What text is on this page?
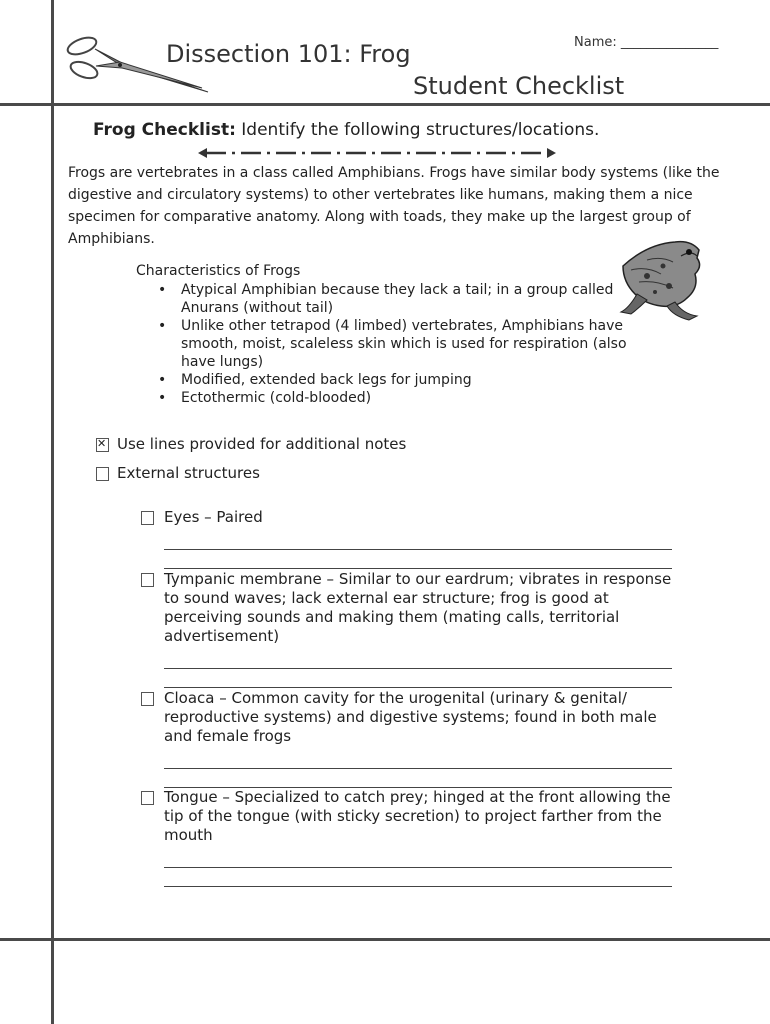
Dissection 101: Frog
Student Checklist
Name: _______________
Frog Checklist: Identify the following structures/locations.
Frogs are vertebrates in a class called Amphibians. Frogs have similar body systems (like the digestive and circulatory systems) to other vertebrates like humans, making them a nice specimen for comparative anatomy. Along with toads, they make up the largest group of Amphibians.
Characteristics of Frogs
• Atypical Amphibian because they lack a tail; in a group called Anurans (without tail)
• Unlike other tetrapod (4 limbed) vertebrates, Amphibians have smooth, moist, scaleless skin which is used for respiration (also have lungs)
• Modified, extended back legs for jumping
• Ectothermic (cold-blooded)
✕Use lines provided for additional notes
External structures
Eyes – Paired
Tympanic membrane – Similar to our eardrum; vibrates in response to sound waves; lack external ear structure; frog is good at perceiving sounds and making them (mating calls, territorial advertisement)
Cloaca – Common cavity for the urogenital (urinary & genital/ reproductive systems) and digestive systems; found in both male and female frogs
Tongue – Specialized to catch prey; hinged at the front allowing the tip of the tongue (with sticky secretion) to project farther from the mouth
